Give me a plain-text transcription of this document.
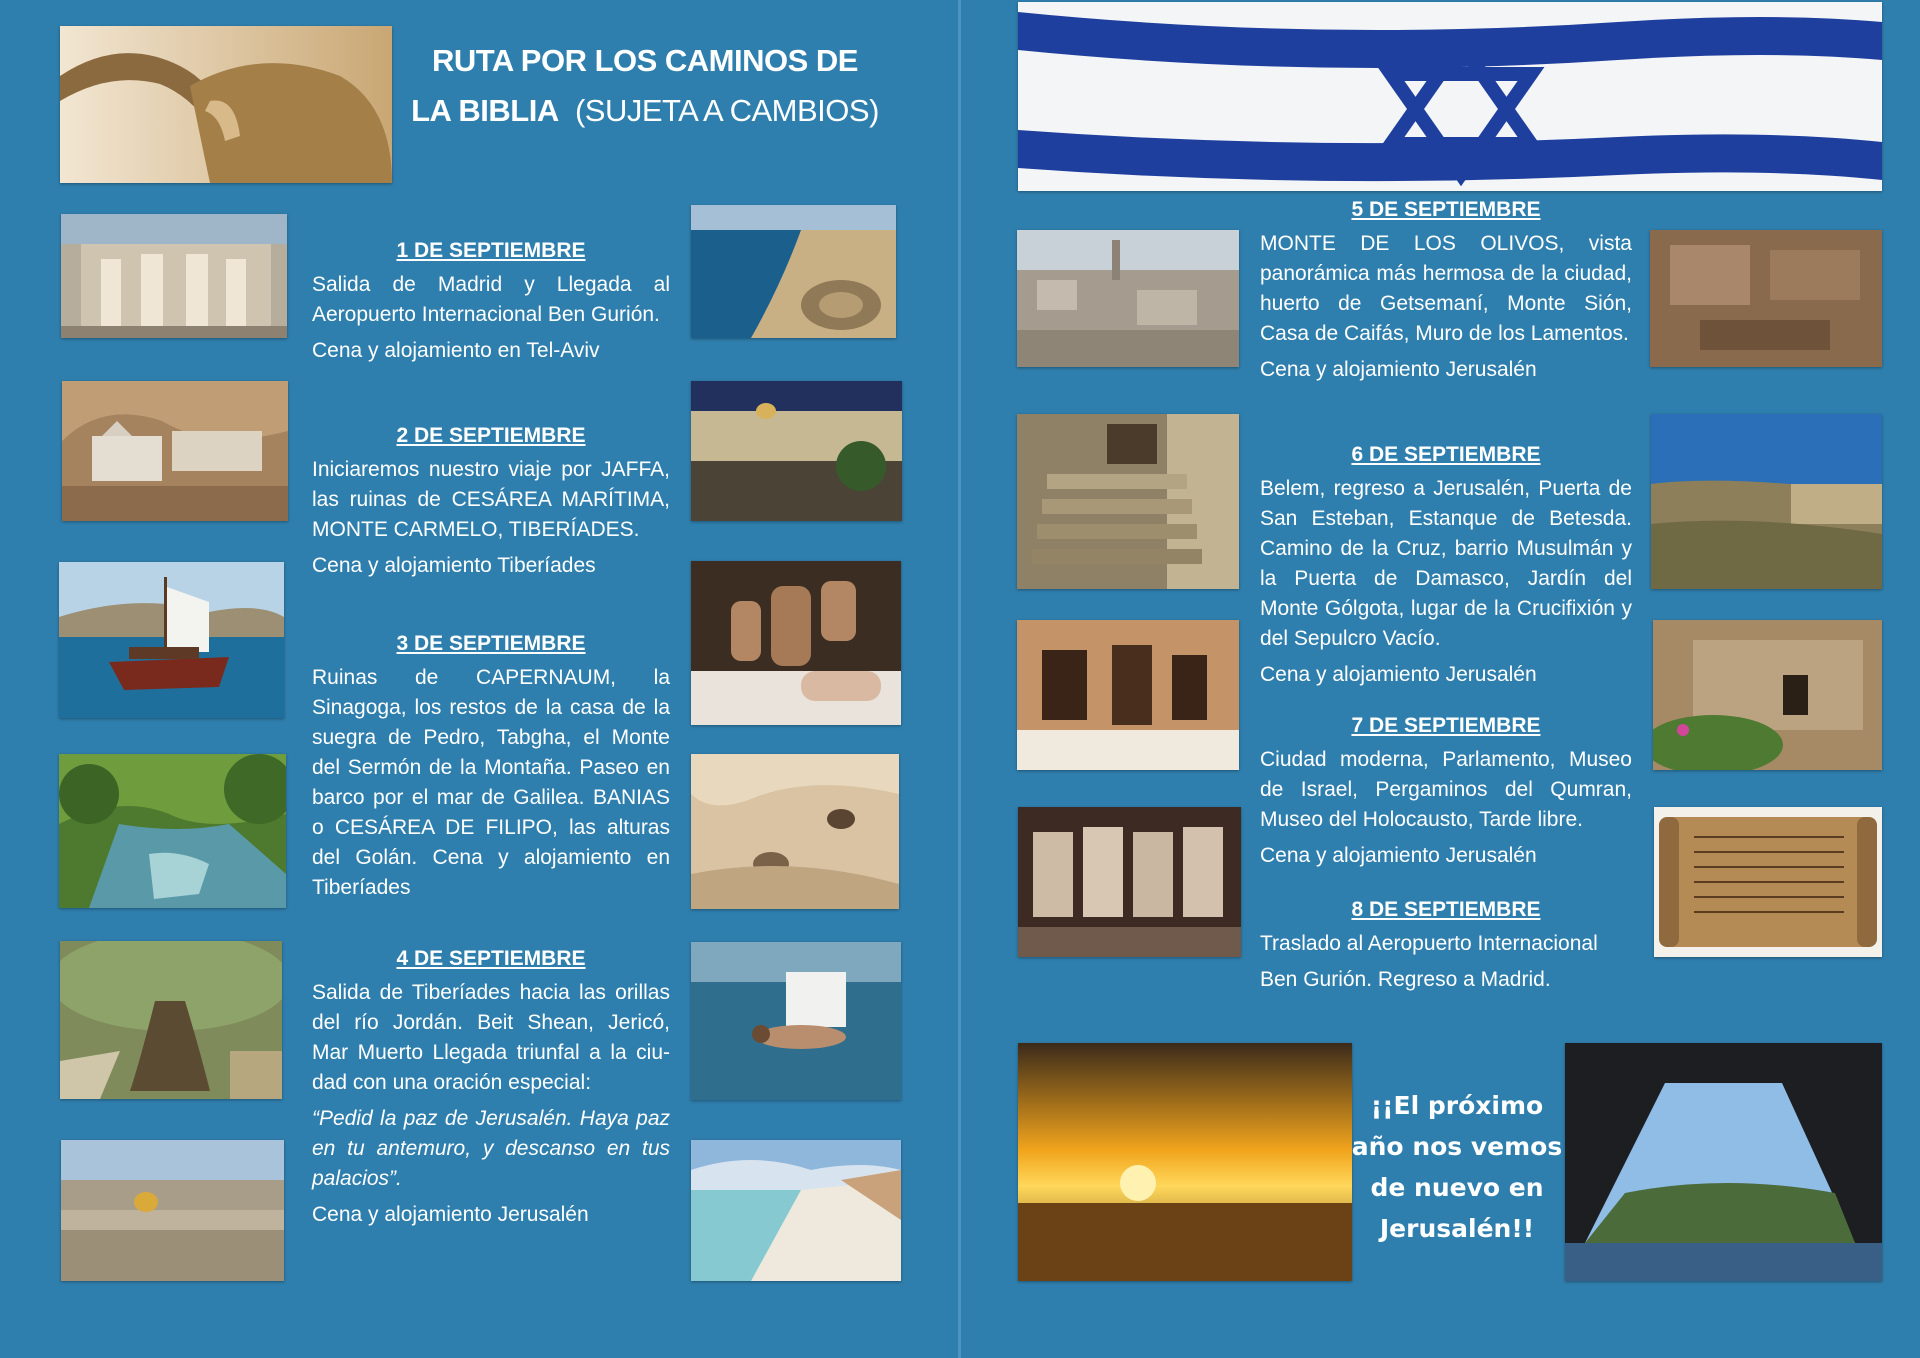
RUTA POR LOS CAMINOS DE
LA BIBLIA (SUJETA A CAMBIOS)
1 DE SEPTIEMBRE

Salida de Madrid y Llegada al Aeropuerto Internacional Ben Gurión.

Cena y alojamiento en Tel-Aviv

2 DE SEPTIEMBRE

Iniciaremos nuestro viaje por JAFFA, las ruinas de CESÁREA MARÍTIMA, MONTE CARMELO, TIBERÍADES.

Cena y alojamiento Tiberíades

3 DE SEPTIEMBRE

Ruinas de CAPERNAUM, la Sinagoga, los restos de la casa de la suegra de Pedro, Tabgha, el Monte del Sermón de la Montaña. Paseo en barco por el mar de Galilea. BANIAS o CESÁREA DE FILIPO, las alturas del Golán. Cena y alojamiento en Tiberíades

4 DE SEPTIEMBRE

Salida de Tiberíades hacia las orillas del río Jordán. Beit Shean, Jericó, Mar Muerto Llegada triunfal a la ciu-dad con una oración especial:

“Pedid la paz de Jerusalén. Haya paz en tu antemuro, y descanso en tus palacios”.

Cena y alojamiento Jerusalén

5 DE SEPTIEMBRE

MONTE DE LOS OLIVOS, vista panorámica más hermosa de la ciudad, huerto de Getsemaní, Monte Sión, Casa de Caifás, Muro de los Lamentos.

Cena y alojamiento Jerusalén

6 DE SEPTIEMBRE

Belem, regreso a Jerusalén, Puerta de San Esteban, Estanque de Betesda. Camino de la Cruz, barrio Musulmán y la Puerta de Damasco, Jardín del Monte Gólgota, lugar de la Crucifixión y del Sepulcro Vacío.

Cena y alojamiento Jerusalén

7 DE SEPTIEMBRE

Ciudad moderna, Parlamento, Museo de Israel, Pergaminos del Qumran, Museo del Holocausto, Tarde libre.

Cena y alojamiento Jerusalén

8 DE SEPTIEMBRE

Traslado al Aeropuerto Internacional

Ben Gurión. Regreso a Madrid.

¡¡El próximo
año nos vemos
de nuevo en
Jerusalén!!
